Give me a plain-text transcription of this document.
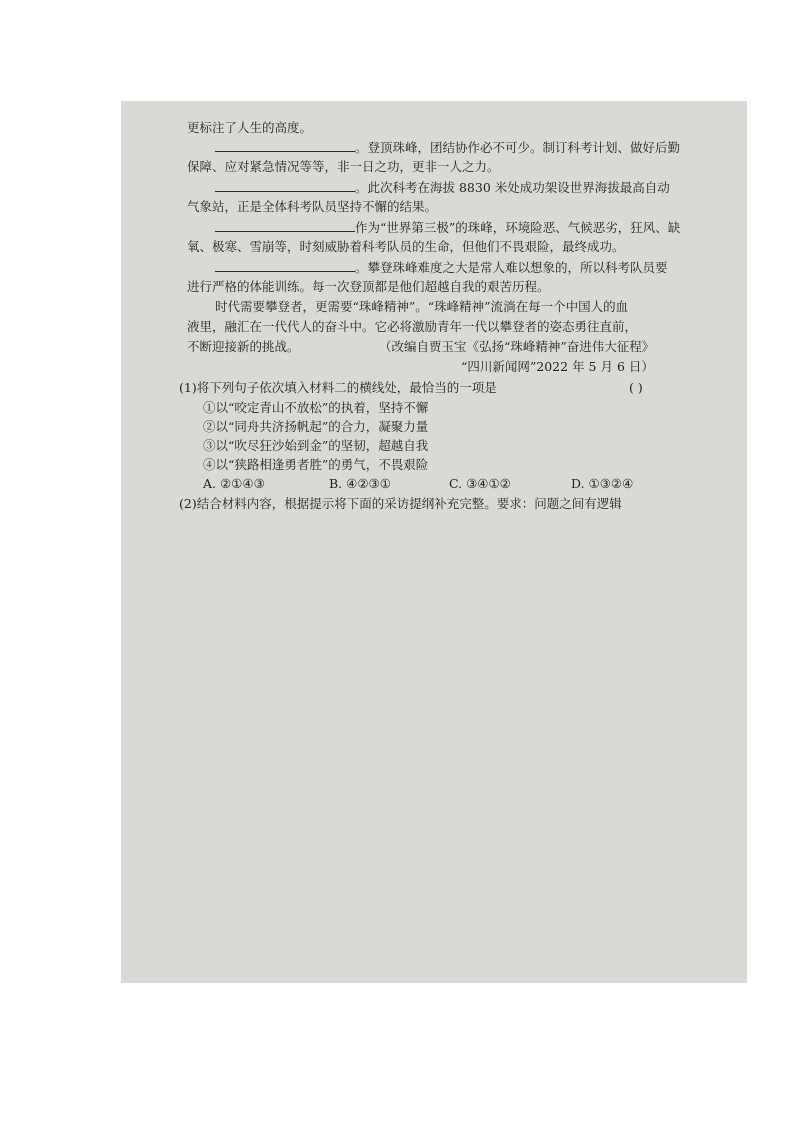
更标注了人生的高度。
。登顶珠峰，团结协作必不可少。制订科考计划、做好后勤
保障、应对紧急情况等等，非一日之功，更非一人之力。
。此次科考在海拔 8830 米处成功架设世界海拔最高自动
气象站，正是全体科考队员坚持不懈的结果。
作为“世界第三极”的珠峰，环境险恶、气候恶劣，狂风、缺
氧、极寒、雪崩等，时刻威胁着科考队员的生命，但他们不畏艰险，最终成功。
。攀登珠峰难度之大是常人难以想象的，所以科考队员要
进行严格的体能训练。每一次登顶都是他们超越自我的艰苦历程。
时代需要攀登者，更需要“珠峰精神”。“珠峰精神”流淌在每一个中国人的血
液里，融汇在一代代人的奋斗中。它必将激励青年一代以攀登者的姿态勇往直前，
不断迎接新的挑战。	（改编自贾玉宝《弘扬“珠峰精神”奋进伟大征程》
“四川新闻网”2022 年 5 月 6 日）
(1)将下列句子依次填入材料二的横线处，最恰当的一项是	( )
①以“咬定青山不放松”的执着，坚持不懈
②以“同舟共济扬帆起”的合力，凝聚力量
③以“吹尽狂沙始到金”的坚韧，超越自我
④以“狭路相逢勇者胜”的勇气，不畏艰险
A. ②①④③	B. ④②③①	C. ③④①②	D. ①③②④
(2)结合材料内容，根据提示将下面的采访提纲补充完整。要求：问题之间有逻辑
